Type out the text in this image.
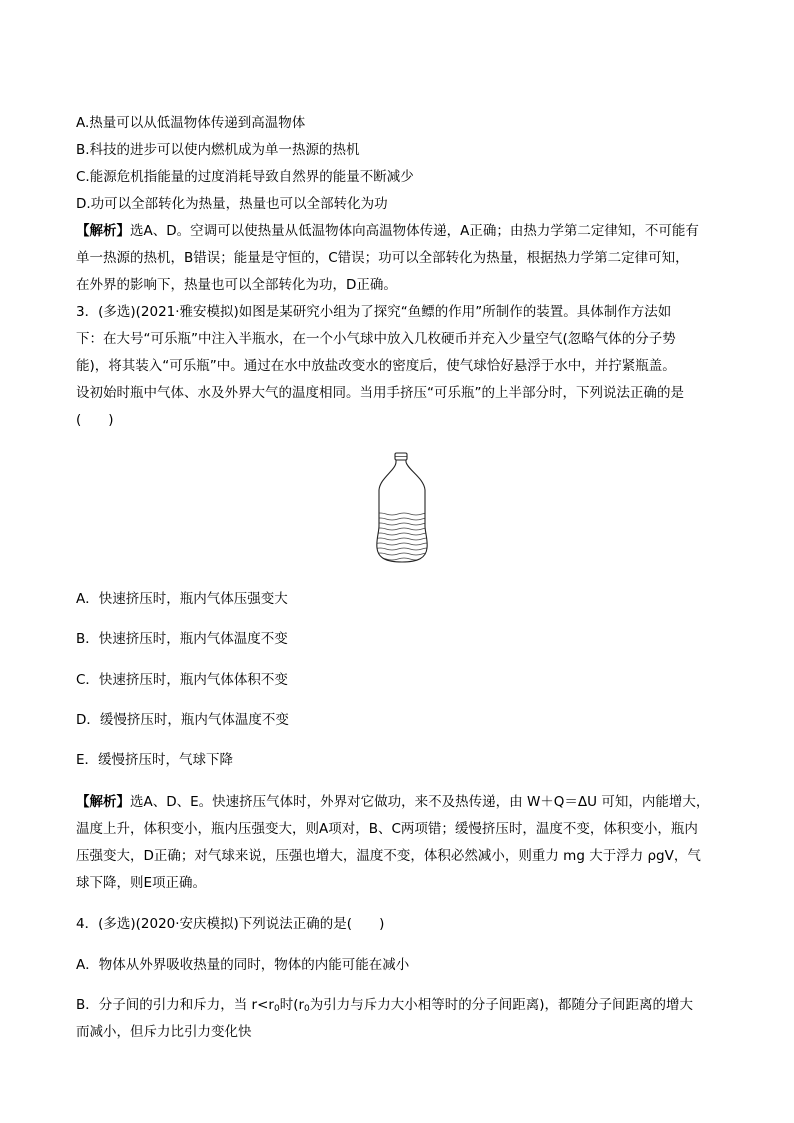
A.热量可以从低温物体传递到高温物体
B.科技的进步可以使内燃机成为单一热源的热机
C.能源危机指能量的过度消耗导致自然界的能量不断减少
D.功可以全部转化为热量，热量也可以全部转化为功
【解析】选A、D。空调可以使热量从低温物体向高温物体传递，A正确；由热力学第二定律知，不可能有
单一热源的热机，B错误；能量是守恒的，C错误；功可以全部转化为热量，根据热力学第二定律可知，
在外界的影响下，热量也可以全部转化为功，D正确。
3．(多选)(2021·雅安模拟)如图是某研究小组为了探究“鱼鳔的作用”所制作的装置。具体制作方法如
下：在大号“可乐瓶”中注入半瓶水，在一个小气球中放入几枚硬币并充入少量空气(忽略气体的分子势
能)，将其装入“可乐瓶”中。通过在水中放盐改变水的密度后，使气球恰好悬浮于水中，并拧紧瓶盖。
设初始时瓶中气体、水及外界大气的温度相同。当用手挤压“可乐瓶”的上半部分时，下列说法正确的是
(　　)
A．快速挤压时，瓶内气体压强变大
B．快速挤压时，瓶内气体温度不变
C．快速挤压时，瓶内气体体积不变
D．缓慢挤压时，瓶内气体温度不变
E．缓慢挤压时，气球下降
【解析】选A、D、E。快速挤压气体时，外界对它做功，来不及热传递，由 W＋Q＝ΔU 可知，内能增大，
温度上升，体积变小，瓶内压强变大，则A项对，B、C两项错；缓慢挤压时，温度不变，体积变小，瓶内
压强变大，D正确；对气球来说，压强也增大，温度不变，体积必然减小，则重力 mg 大于浮力 ρgV，气
球下降，则E项正确。
4．(多选)(2020·安庆模拟)下列说法正确的是(　　)
A．物体从外界吸收热量的同时，物体的内能可能在减小
B．分子间的引力和斥力，当 $r<r_0$时($r_0$为引力与斥力大小相等时的分子间距离)，都随分子间距离的增大
而减小，但斥力比引力变化快
